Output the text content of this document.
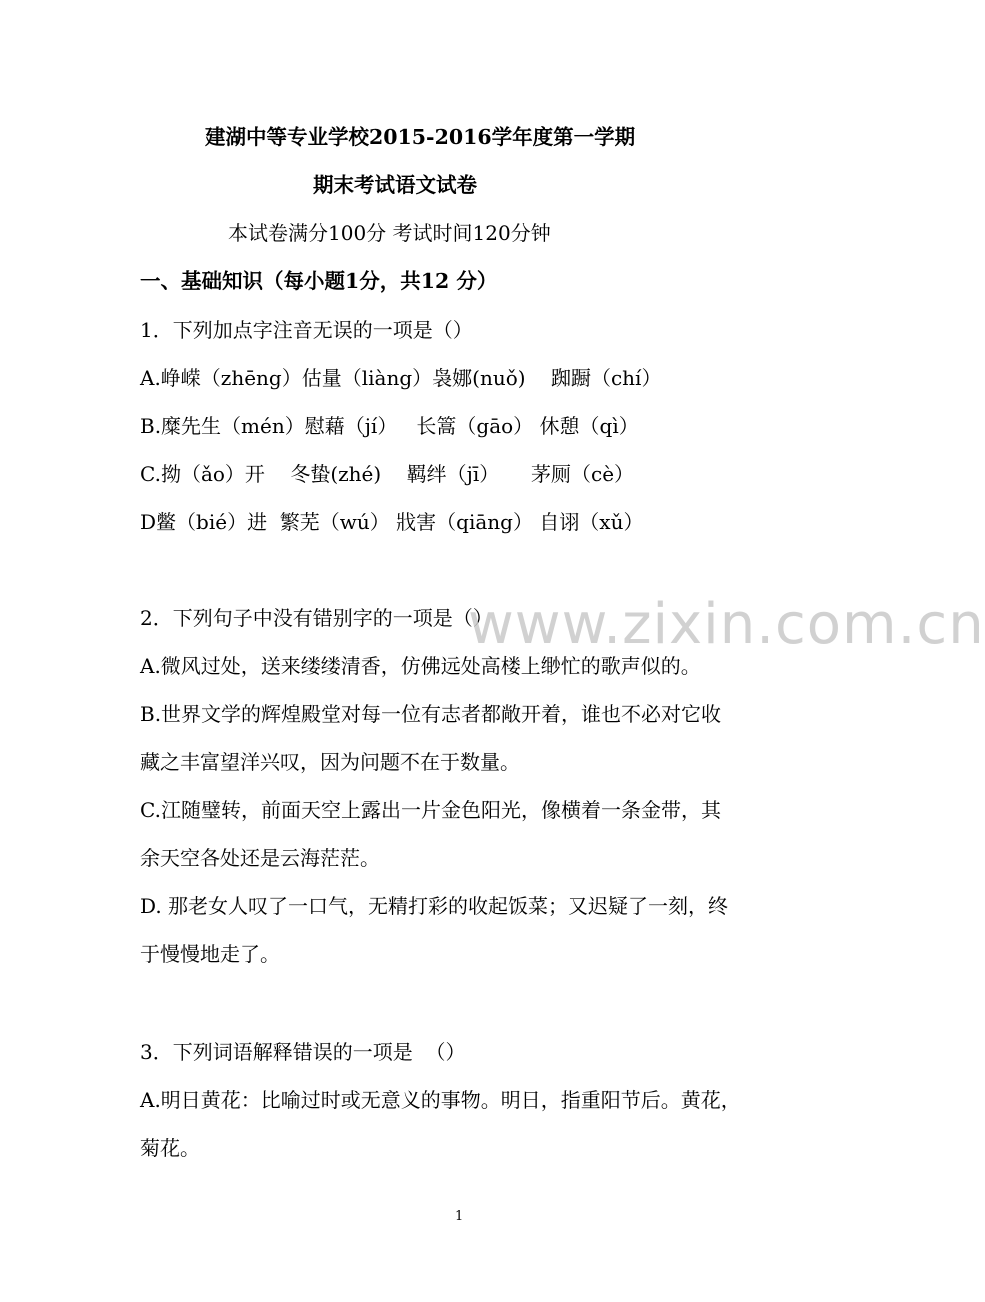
建湖中等专业学校2015-2016学年度第一学期
期末考试语文试卷
本试卷满分100分 考试时间120分钟
一、基础知识（每小题1分，共12 分）
1．下列加点字注音无误的一项是（）
A.峥嵘（zhēng）估量（liàng）袅娜(nuǒ)    踟蹰（chí）
B.糜先生（mén）慰藉（jí）   长篙（gāo） 休憩（qì）
C.拗（ǎo）开    冬蛰(zhé)    羁绊（jī）     茅厕（cè）
D鳖（bié）进  繁芜（wú） 戕害（qiāng） 自诩（xǔ）
2．下列句子中没有错别字的一项是（）
A.微风过处，送来缕缕清香，仿佛远处高楼上缈忙的歌声似的。
B.世界文学的辉煌殿堂对每一位有志者都敞开着，谁也不必对它收
藏之丰富望洋兴叹，因为问题不在于数量。
C.江随璧转，前面天空上露出一片金色阳光，像横着一条金带，其
余天空各处还是云海茫茫。
D. 那老女人叹了一口气，无精打彩的收起饭菜；又迟疑了一刻，终
于慢慢地走了。
3．下列词语解释错误的一项是  （）
A.明日黄花：比喻过时或无意义的事物。明日，指重阳节后。黄花，
菊花。
www.zixin.com.cn
1
